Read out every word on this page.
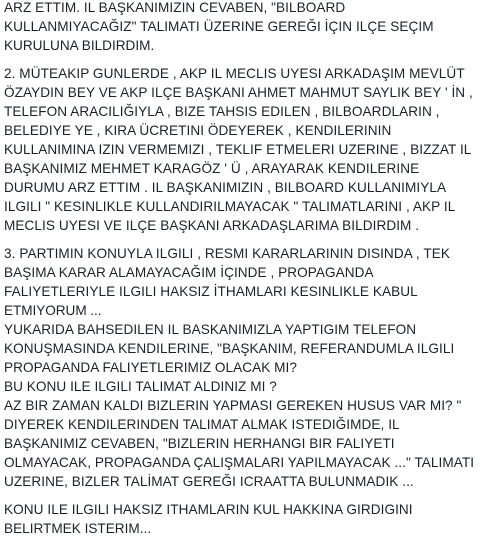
ARZ ETTIM. IL BAŞKANIMIZIN CEVABEN, "BILBOARD
KULLANMIYACAĞIZ" TALIMATI ÜZERINE GEREĞI İÇIN ILÇE SEÇIM
KURULUNA BILDIRDIM.

2. MÜTEAKIP GUNLERDE , AKP IL MECLIS UYESI ARKADAŞIM MEVLÜT
ÖZAYDIN BEY VE AKP ILÇE BAŞKANI AHMET MAHMUT SAYLIK BEY ' İN ,
TELEFON ARACILIĞIYLA , BIZE TAHSIS EDILEN , BILBOARDLARIN ,
BELEDIYE YE , KIRA ÜCRETINI ÖDEYEREK , KENDILERININ
KULLANIMINA IZIN VERMEMIZI , TEKLIF ETMELERI UZERINE , BIZZAT IL
BAŞKANIMIZ MEHMET KARAGÖZ ' Ü , ARAYARAK KENDILERINE
DURUMU ARZ ETTIM . IL BAŞKANIMIZIN , BILBOARD KULLANIMIYLA
ILGILI " KESINLIKLE KULLANDIRILMAYACAK " TALIMATLARINI , AKP IL
MECLIS UYESI VE ILÇE BAŞKANI ARKADAŞLARIMA BILDIRDIM .

3. PARTIMIN KONUYLA ILGILI , RESMI KARARLARININ DISINDA , TEK
BAŞIMA KARAR ALAMAYACAĞIM İÇINDE , PROPAGANDA
FALIYETLERIYLE ILGILI HAKSIZ İTHAMLARI KESINLIKLE KABUL
ETMIYORUM ...
YUKARIDA BAHSEDILEN IL BASKANIMIZLA YAPTIGIM TELEFON
KONUŞMASINDA KENDILERINE, "BAŞKANIM, REFERANDUMLA ILGILI
PROPAGANDA FALIYETLERIMIZ OLACAK MI?
BU KONU ILE ILGILI TALIMAT ALDINIZ MI ?
AZ BIR ZAMAN KALDI BIZLERIN YAPMASI GEREKEN HUSUS VAR MI? "
DIYEREK KENDILERINDEN TALIMAT ALMAK ISTEDIĞIMDE, IL
BAŞKANIMIZ CEVABEN, "BIZLERIN HERHANGI BIR FALIYETI
OLMAYACAK, PROPAGANDA ÇALIŞMALARI YAPILMAYACAK ..." TALIMATI
UZERINE, BIZLER TALİMAT GEREĞI ICRAATTA BULUNMADIK ...

KONU ILE ILGILI HAKSIZ ITHAMLARIN KUL HAKKINA GIRDIGINI
BELIRTMEK ISTERIM...
